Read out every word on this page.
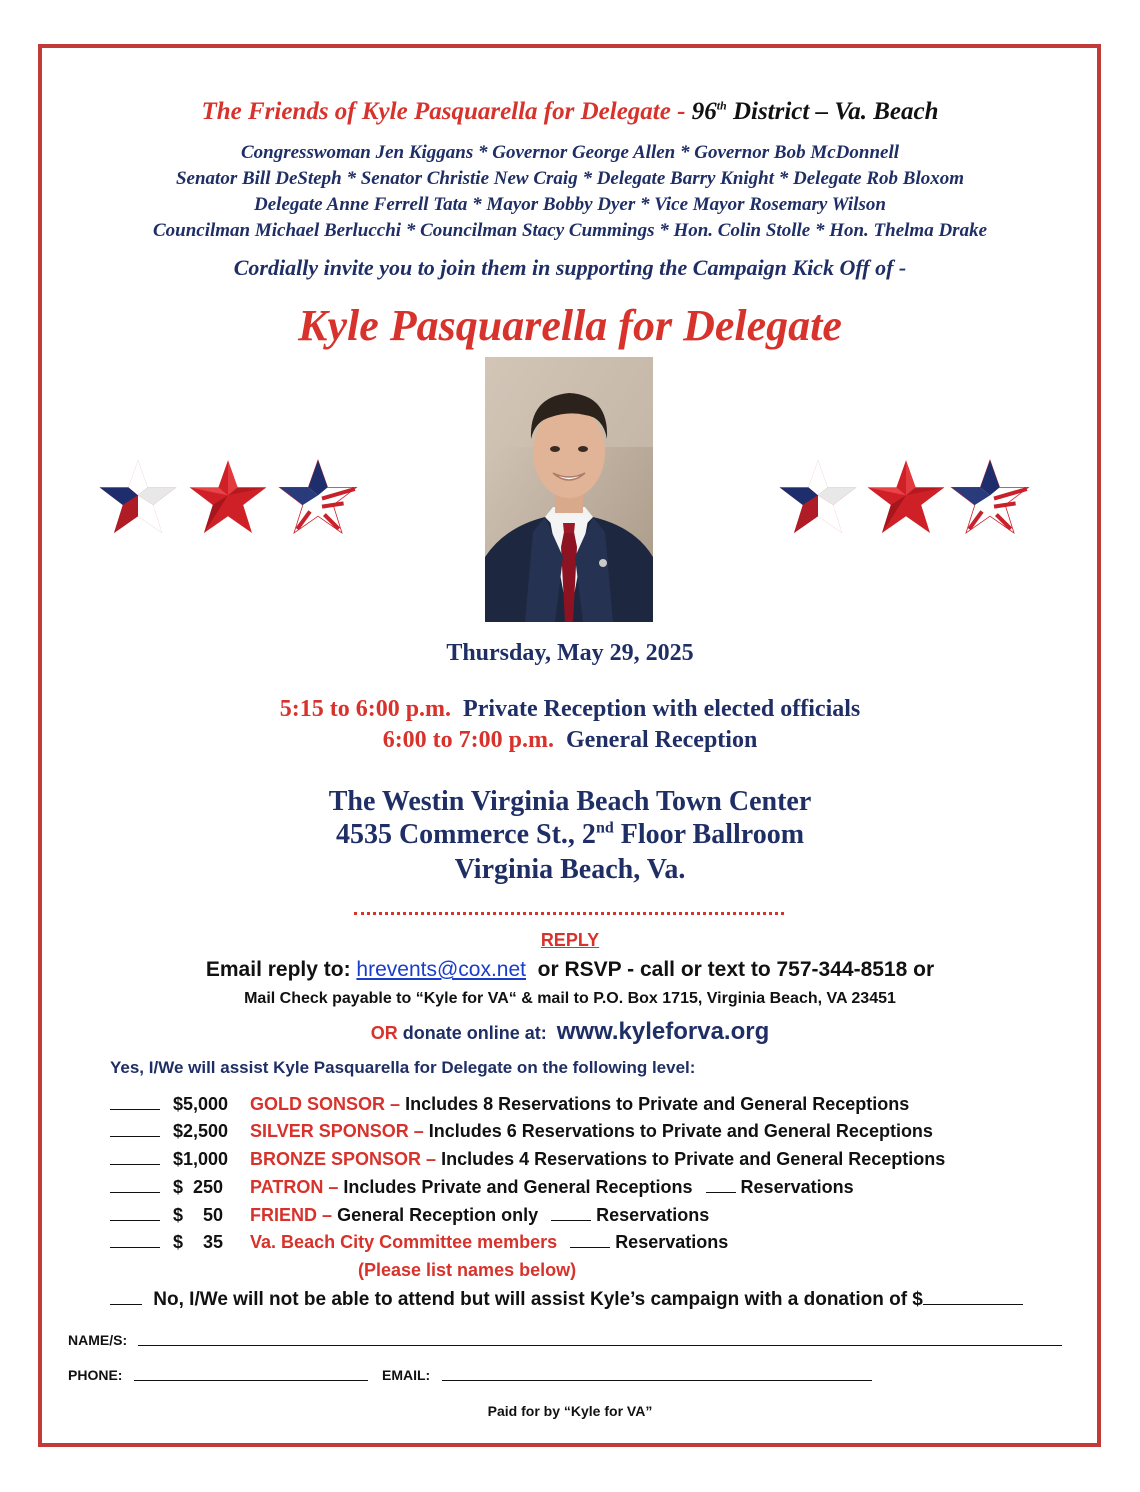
The Friends of Kyle Pasquarella for Delegate - 96th District – Va. Beach
Congresswoman Jen Kiggans * Governor George Allen * Governor Bob McDonnell
Senator Bill DeSteph * Senator Christie New Craig * Delegate Barry Knight * Delegate Rob Bloxom
Delegate Anne Ferrell Tata * Mayor Bobby Dyer * Vice Mayor Rosemary Wilson
Councilman Michael Berlucchi * Councilman Stacy Cummings * Hon. Colin Stolle * Hon. Thelma Drake
Cordially invite you to join them in supporting the Campaign Kick Off of -
Kyle Pasquarella for Delegate
Thursday, May 29, 2025
5:15 to 6:00 p.m. Private Reception with elected officials
6:00 to 7:00 p.m. General Reception
The Westin Virginia Beach Town Center
4535 Commerce St., 2nd Floor Ballroom
Virginia Beach, Va.
REPLY
Email reply to: hrevents@cox.net  or RSVP - call or text to 757-344-8518 or
Mail Check payable to “Kyle for VA“ & mail to P.O. Box 1715, Virginia Beach, VA 23451
OR donate online at:  www.kyleforva.org
Yes, I/We will assist Kyle Pasquarella for Delegate on the following level:
$5,000 GOLD SONSOR – Includes 8 Reservations to Private and General Receptions
$2,500 SILVER SPONSOR – Includes 6 Reservations to Private and General Receptions
$1,000 BRONZE SPONSOR – Includes 4 Reservations to Private and General Receptions
$  250 PATRON – Includes Private and General Receptions	Reservations
$    50 FRIEND – General Reception only	Reservations
$    35 Va. Beach City Committee members	Reservations
(Please list names below)
No, I/We will not be able to attend but will assist Kyle’s campaign with a donation of $
NAME/S:
PHONE:	EMAIL:
Paid for by “Kyle for VA”
